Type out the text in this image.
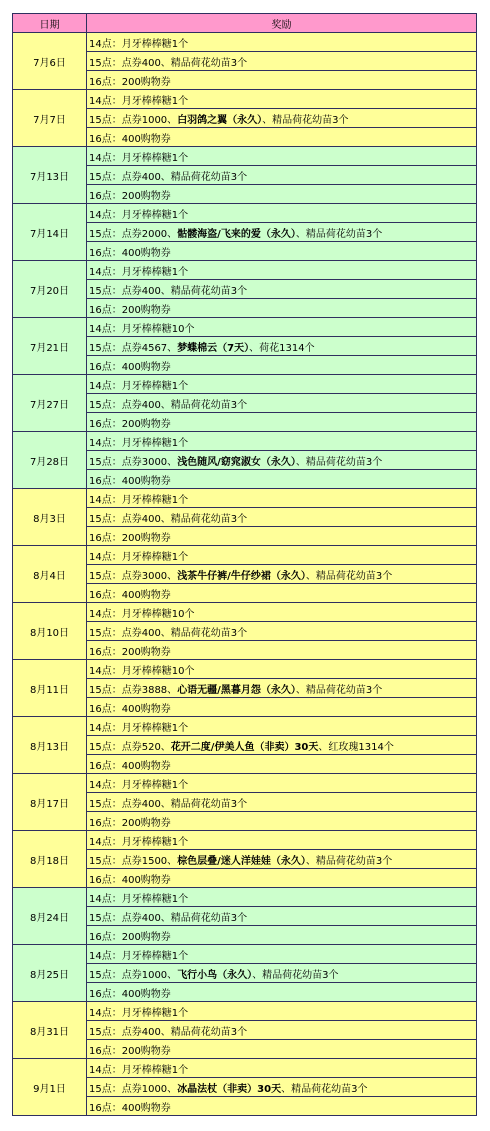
日期	奖励
7月6日	14点：月牙棒棒糖1个
	15点：点券400、精品荷花幼苗3个
	16点：200购物券
7月7日	14点：月牙棒棒糖1个
	15点：点券1000、白羽鸽之翼（永久）、精品荷花幼苗3个
	16点：400购物券
7月13日	14点：月牙棒棒糖1个
	15点：点券400、精品荷花幼苗3个
	16点：200购物券
7月14日	14点：月牙棒棒糖1个
	15点：点券2000、骷髅海盗/飞来的爱（永久）、精品荷花幼苗3个
	16点：400购物券
7月20日	14点：月牙棒棒糖1个
	15点：点券400、精品荷花幼苗3个
	16点：200购物券
7月21日	14点：月牙棒棒糖10个
	15点：点券4567、梦蝶棉云（7天）、荷花1314个
	16点：400购物券
7月27日	14点：月牙棒棒糖1个
	15点：点券400、精品荷花幼苗3个
	16点：200购物券
7月28日	14点：月牙棒棒糖1个
	15点：点券3000、浅色随风/窈窕淑女（永久）、精品荷花幼苗3个
	16点：400购物券
8月3日	14点：月牙棒棒糖1个
	15点：点券400、精品荷花幼苗3个
	16点：200购物券
8月4日	14点：月牙棒棒糖1个
	15点：点券3000、浅茶牛仔裤/牛仔纱裙（永久）、精品荷花幼苗3个
	16点：400购物券
8月10日	14点：月牙棒棒糖10个
	15点：点券400、精品荷花幼苗3个
	16点：200购物券
8月11日	14点：月牙棒棒糖10个
	15点：点券3888、心语无疆/黑暮月怨（永久）、精品荷花幼苗3个
	16点：400购物券
8月13日	14点：月牙棒棒糖1个
	15点：点券520、花开二度/伊美人鱼（非卖）30天、红玫瑰1314个
	16点：400购物券
8月17日	14点：月牙棒棒糖1个
	15点：点券400、精品荷花幼苗3个
	16点：200购物券
8月18日	14点：月牙棒棒糖1个
	15点：点券1500、棕色层叠/迷人洋娃娃（永久）、精品荷花幼苗3个
	16点：400购物券
8月24日	14点：月牙棒棒糖1个
	15点：点券400、精品荷花幼苗3个
	16点：200购物券
8月25日	14点：月牙棒棒糖1个
	15点：点券1000、飞行小鸟（永久）、精品荷花幼苗3个
	16点：400购物券
8月31日	14点：月牙棒棒糖1个
	15点：点券400、精品荷花幼苗3个
	16点：200购物券
9月1日	14点：月牙棒棒糖1个
	15点：点券1000、冰晶法杖（非卖）30天、精品荷花幼苗3个
	16点：400购物券
